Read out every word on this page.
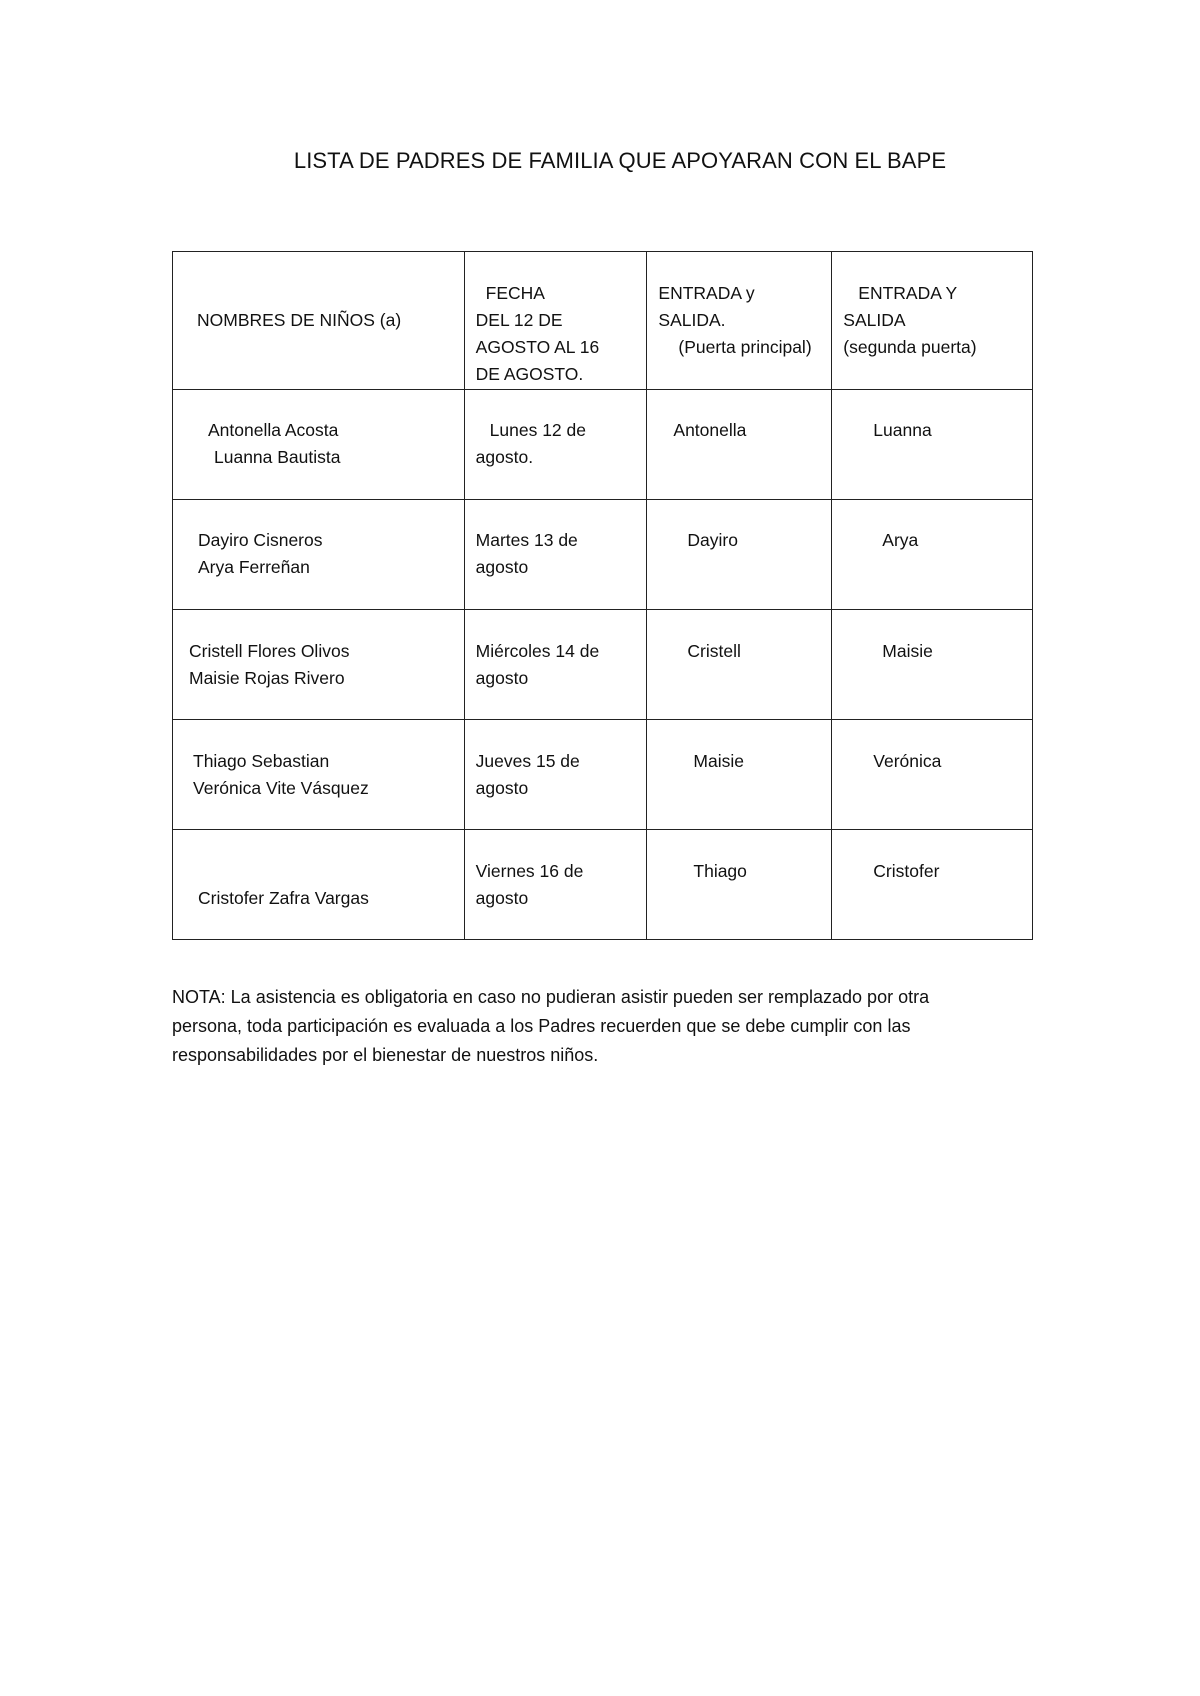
LISTA DE PADRES DE FAMILIA QUE APOYARAN CON EL BAPE
NOMBRES DE NIÑOS (a)	FECHA
DEL 12 DE
AGOSTO AL 16
DE AGOSTO.	ENTRADA y
SALIDA.
(Puerta principal)	ENTRADA Y
SALIDA
(segunda puerta)

Antonella Acosta
Luanna Bautista	Lunes 12 de
agosto.	Antonella	Luanna

Dayiro Cisneros
Arya Ferreñan	Martes 13 de
agosto	Dayiro	Arya

Cristell Flores Olivos
Maisie Rojas Rivero	Miércoles 14 de
agosto	Cristell	Maisie

Thiago Sebastian
Verónica Vite Vásquez	Jueves 15 de
agosto	Maisie	Verónica

Cristofer Zafra Vargas	Viernes 16 de
agosto	Thiago	Cristofer
NOTA: La asistencia es obligatoria en caso no pudieran asistir pueden ser remplazado por otra
persona, toda participación es evaluada a los Padres recuerden que se debe cumplir con las
responsabilidades por el bienestar de nuestros niños.
